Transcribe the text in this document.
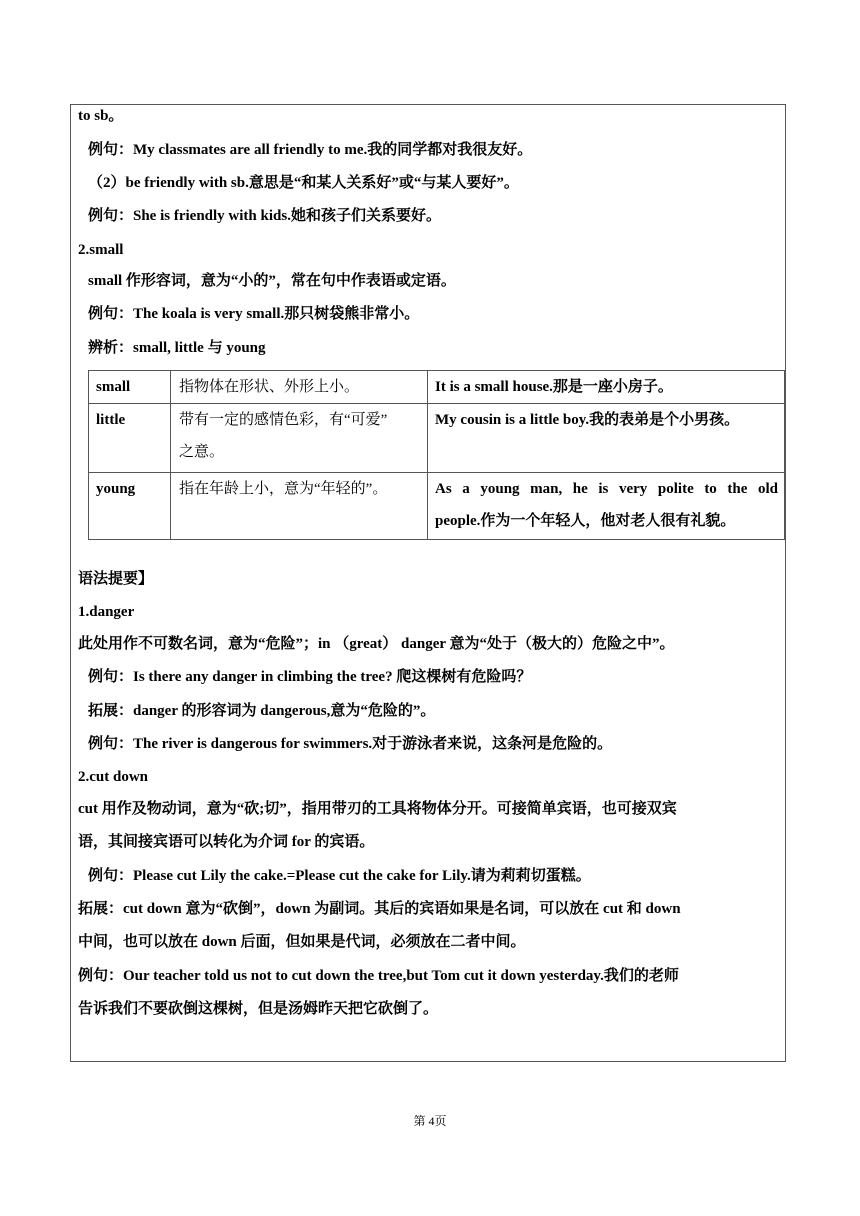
to sb。
例句：My classmates are all friendly to me.我的同学都对我很友好。
（2）be friendly with sb.意思是“和某人关系好”或“与某人要好”。
例句：She is friendly with kids.她和孩子们关系要好。
2.small
small 作形容词，意为“小的”，常在句中作表语或定语。
例句：The koala is very small.那只树袋熊非常小。
辨析：small, little 与 young
small	指物体在形状、外形上小。	It is a small house.那是一座小房子。
little	带有一定的感情色彩，有“可爱”
之意。	My cousin is a little boy.我的表弟是个小男孩。
young	指在年龄上小，意为“年轻的”。	As a young man, he is very polite to the old
people.作为一个年轻人，他对老人很有礼貌。
语法提要】
1.danger
此处用作不可数名词，意为“危险”；in （great） danger 意为“处于（极大的）危险之中”。
例句：Is there any danger in climbing the tree? 爬这棵树有危险吗？
拓展：danger 的形容词为 dangerous,意为“危险的”。
例句：The river is dangerous for swimmers.对于游泳者来说，这条河是危险的。
2.cut down
cut 用作及物动词，意为“砍;切”，指用带刃的工具将物体分开。可接简单宾语，也可接双宾
语，其间接宾语可以转化为介词 for 的宾语。
例句：Please cut Lily the cake.=Please cut the cake for Lily.请为莉莉切蛋糕。
拓展：cut down 意为“砍倒”，down 为副词。其后的宾语如果是名词，可以放在 cut 和 down
中间，也可以放在 down 后面，但如果是代词，必须放在二者中间。
例句：Our teacher told us not to cut down the tree,but Tom cut it down yesterday.我们的老师
告诉我们不要砍倒这棵树，但是汤姆昨天把它砍倒了。
第 4页
